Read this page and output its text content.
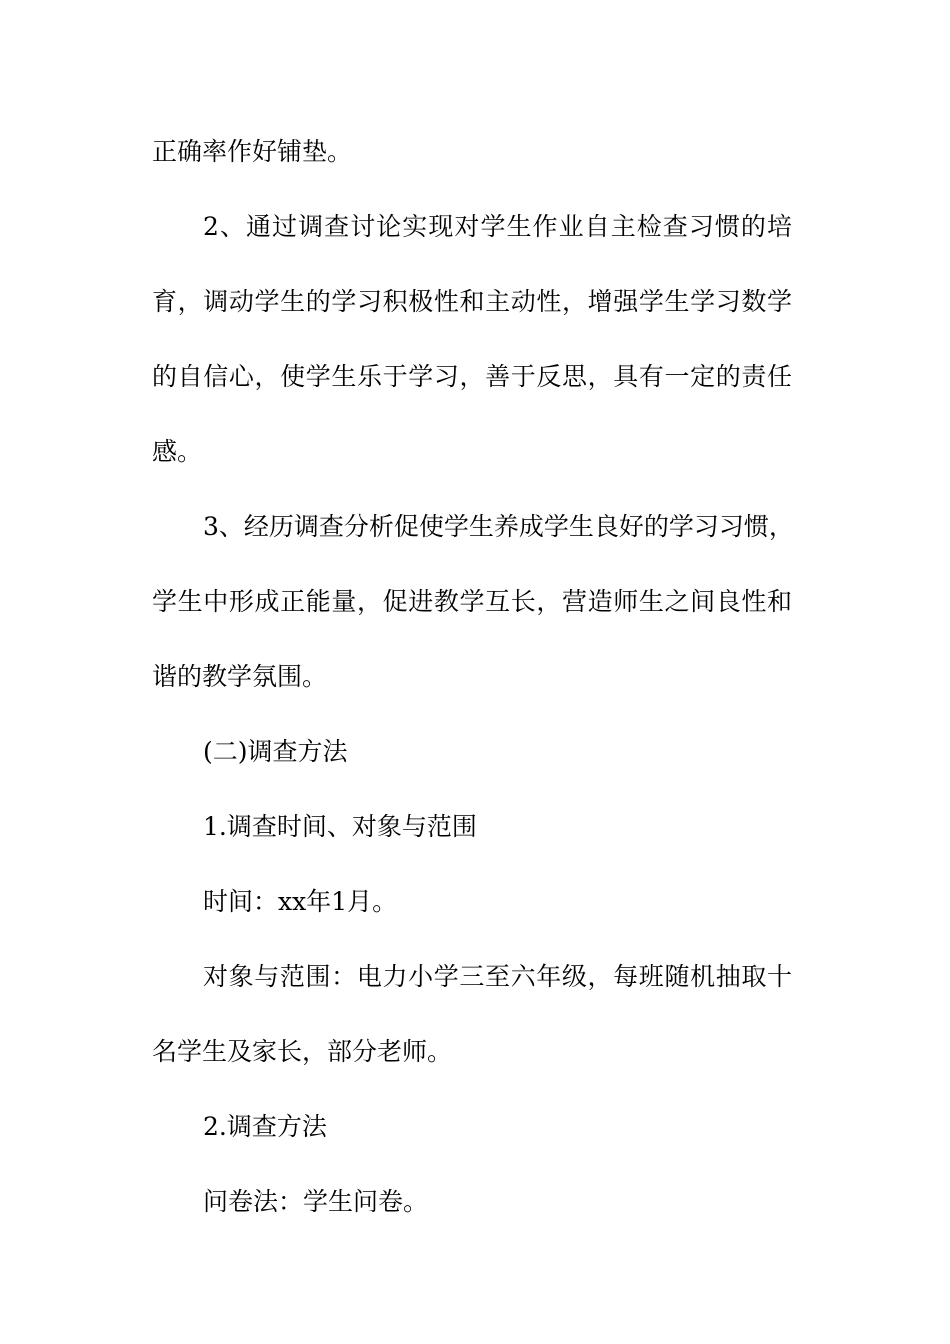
正确率作好铺垫。

2、通过调查讨论实现对学生作业自主检查习惯的培

育，调动学生的学习积极性和主动性，增强学生学习数学

的自信心，使学生乐于学习，善于反思，具有一定的责任

感。

3、经历调查分析促使学生养成学生良好的学习习惯，

学生中形成正能量，促进教学互长，营造师生之间良性和

谐的教学氛围。

(二)调查方法

1.调查时间、对象与范围

时间：xx年1月。

对象与范围：电力小学三至六年级，每班随机抽取十

名学生及家长，部分老师。

2.调查方法

问卷法：学生问卷。
